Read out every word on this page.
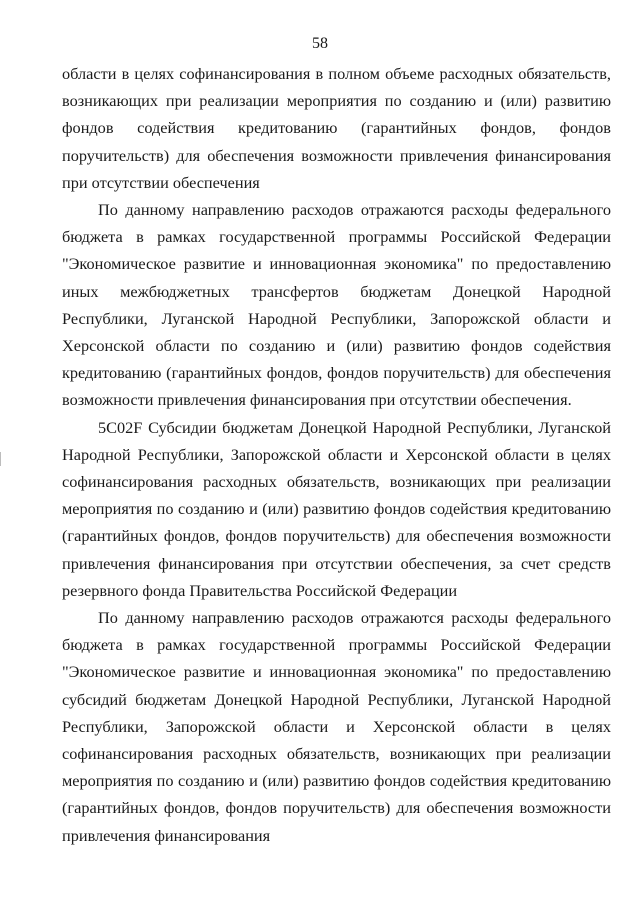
58

области в целях софинансирования в полном объеме расходных обязательств, возникающих при реализации мероприятия по созданию и (или) развитию фондов содействия кредитованию (гарантийных фондов, фондов поручительств) для обеспечения возможности привлечения финансирования при отсутствии обеспечения

По данному направлению расходов отражаются расходы федерального бюджета в рамках государственной программы Российской Федерации "Экономическое развитие и инновационная экономика" по предоставлению иных межбюджетных трансфертов бюджетам Донецкой Народной Республики, Луганской Народной Республики, Запорожской области и Херсонской области по созданию и (или) развитию фондов содействия кредитованию (гарантийных фондов, фондов поручительств) для обеспечения возможности привлечения финансирования при отсутствии обеспечения.

5С02F Субсидии бюджетам Донецкой Народной Республики, Луганской Народной Республики, Запорожской области и Херсонской области в целях софинансирования расходных обязательств, возникающих при реализации мероприятия по созданию и (или) развитию фондов содействия кредитованию (гарантийных фондов, фондов поручительств) для обеспечения возможности привлечения финансирования при отсутствии обеспечения, за счет средств резервного фонда Правительства Российской Федерации

По данному направлению расходов отражаются расходы федерального бюджета в рамках государственной программы Российской Федерации "Экономическое развитие и инновационная экономика" по предоставлению субсидий бюджетам Донецкой Народной Республики, Луганской Народной Республики, Запорожской области и Херсонской области в целях софинансирования расходных обязательств, возникающих при реализации мероприятия по созданию и (или) развитию фондов содействия кредитованию (гарантийных фондов, фондов поручительств) для обеспечения возможности привлечения финансирования
